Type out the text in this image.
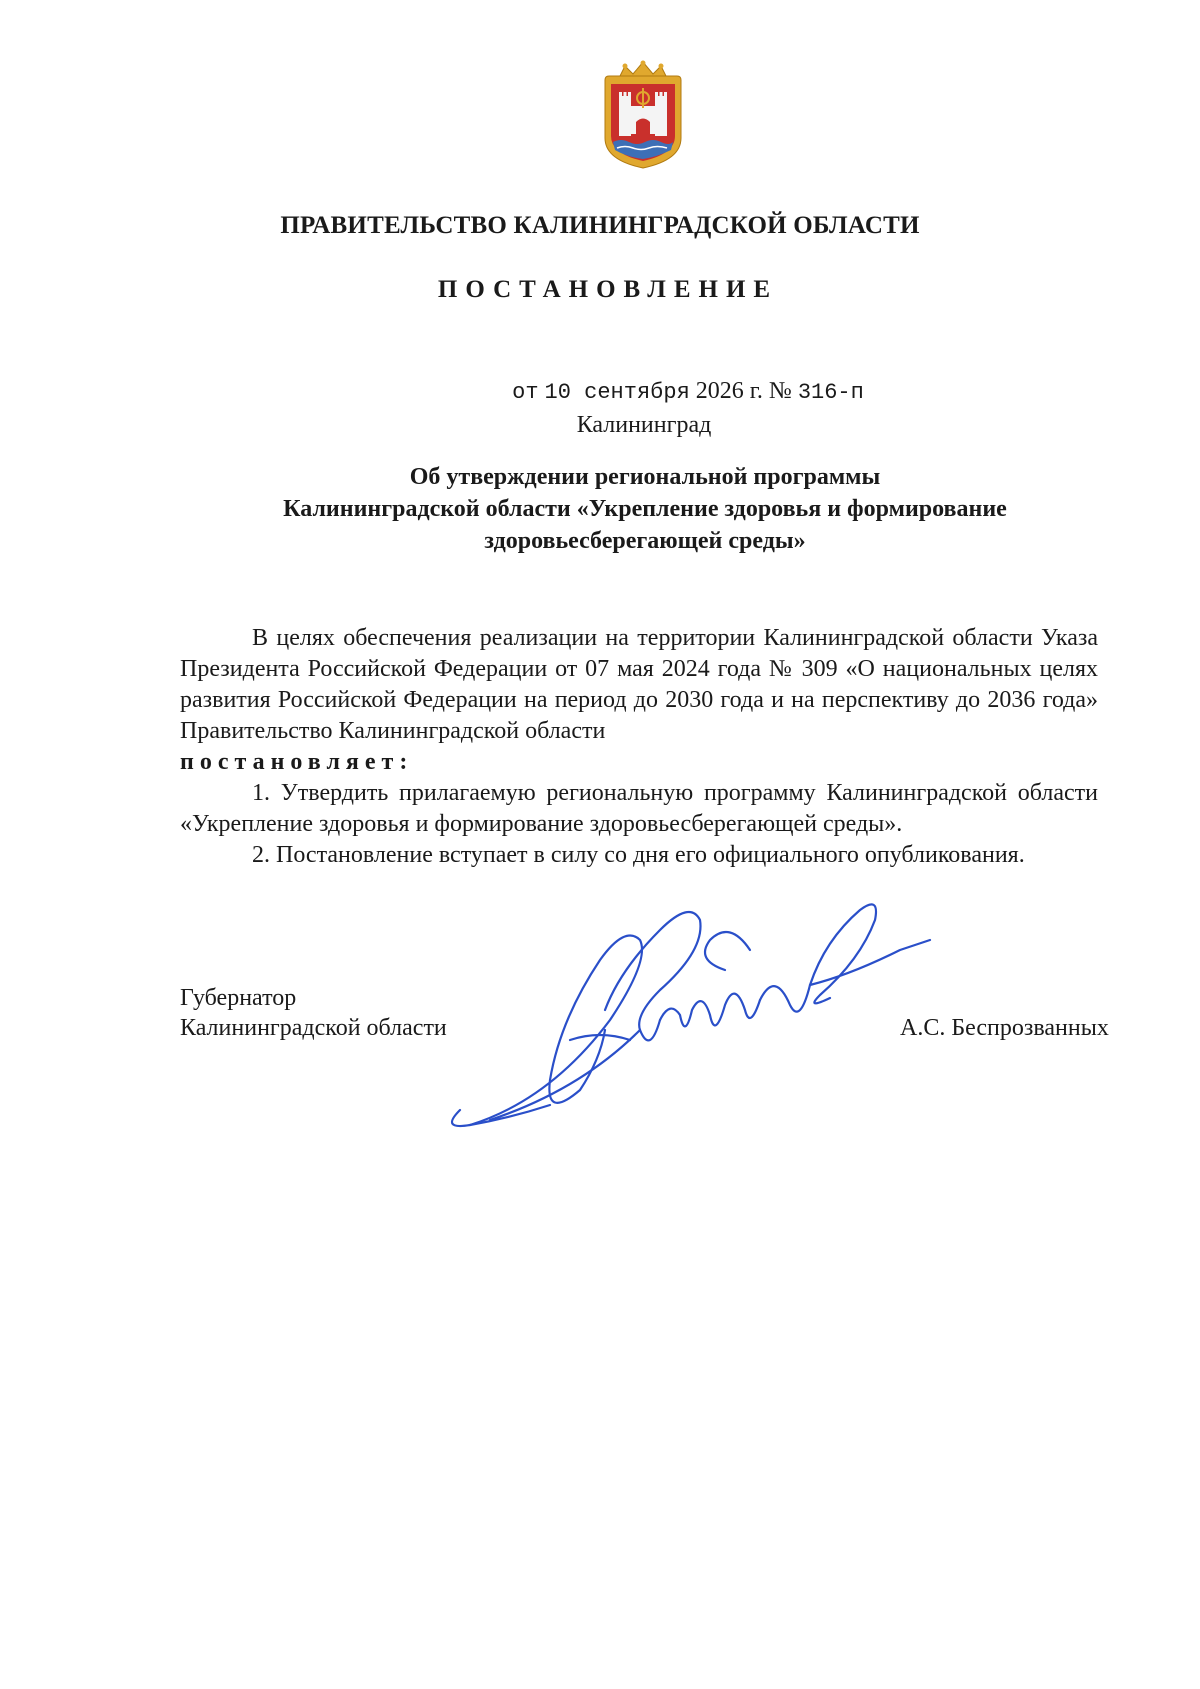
ПРАВИТЕЛЬСТВО КАЛИНИНГРАДСКОЙ ОБЛАСТИ
ПОСТАНОВЛЕНИЕ
от 10 сентября 2026 г. № 316-п
Калининград
Об утверждении региональной программы
Калининградской области «Укрепление здоровья и формирование
здоровьесберегающей среды»

В целях обеспечения реализации на территории Калининградской области Указа Президента Российской Федерации от 07 мая 2024 года № 309 «О национальных целях развития Российской Федерации на период до 2030 года и на перспективу до 2036 года» Правительство Калининградской области

постановляет:

1. Утвердить прилагаемую региональную программу Калининградской области «Укрепление здоровья и формирование здоровьесберегающей среды».

2. Постановление вступает в силу со дня его официального опубликования.

Губернатор
Калининградской области	А.С. Беспрозванных
